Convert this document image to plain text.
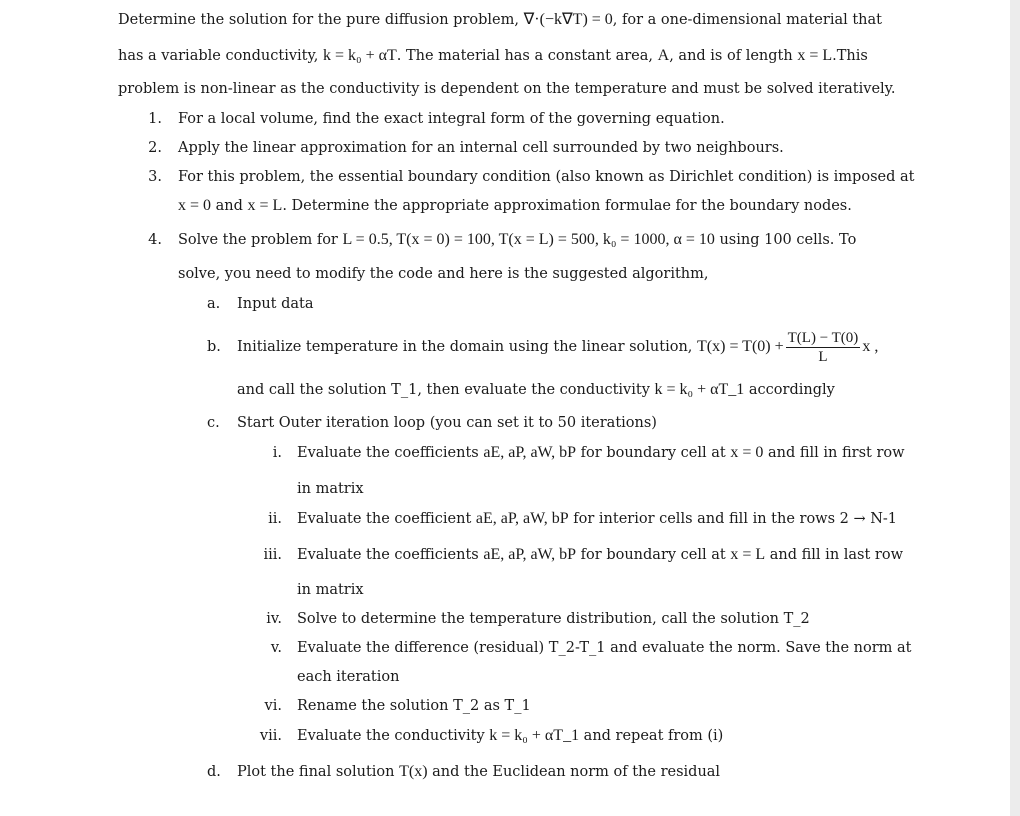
Determine the solution for the pure diffusion problem, ∇·(−k∇T) = 0, for a one-dimensional material that
has a variable conductivity, k = k₀ + αT. The material has a constant area, A, and is of length x = L.This
problem is non-linear as the conductivity is dependent on the temperature and must be solved iteratively.
1. For a local volume, find the exact integral form of the governing equation.
2. Apply the linear approximation for an internal cell surrounded by two neighbours.
3. For this problem, the essential boundary condition (also known as Dirichlet condition) is imposed at
x = 0 and x = L. Determine the appropriate approximation formulae for the boundary nodes.
4. Solve the problem for L = 0.5, T(x = 0) = 100, T(x = L) = 500, k₀ = 1000, α = 10 using 100 cells. To
solve, you need to modify the code and here is the suggested algorithm,
a. Input data
b. Initialize temperature in the domain using the linear solution, $T(x) = T(0) + \frac{T(L) - T(0)}{L}$ x ,
and call the solution T_1, then evaluate the conductivity k = k₀ + αT_1 accordingly
c. Start Outer iteration loop (you can set it to 50 iterations)
i. Evaluate the coefficients aE, aP, aW, bP for boundary cell at x = 0 and fill in first row
in matrix
ii. Evaluate the coefficient aE, aP, aW, bP for interior cells and fill in the rows 2 → N-1
iii. Evaluate the coefficients aE, aP, aW, bP for boundary cell at x = L and fill in last row
in matrix
iv. Solve to determine the temperature distribution, call the solution T_2
v. Evaluate the difference (residual) T_2-T_1 and evaluate the norm. Save the norm at
each iteration
vi. Rename the solution T_2 as T_1
vii. Evaluate the conductivity k = k₀ + αT_1 and repeat from (i)
d. Plot the final solution T(x) and the Euclidean norm of the residual
